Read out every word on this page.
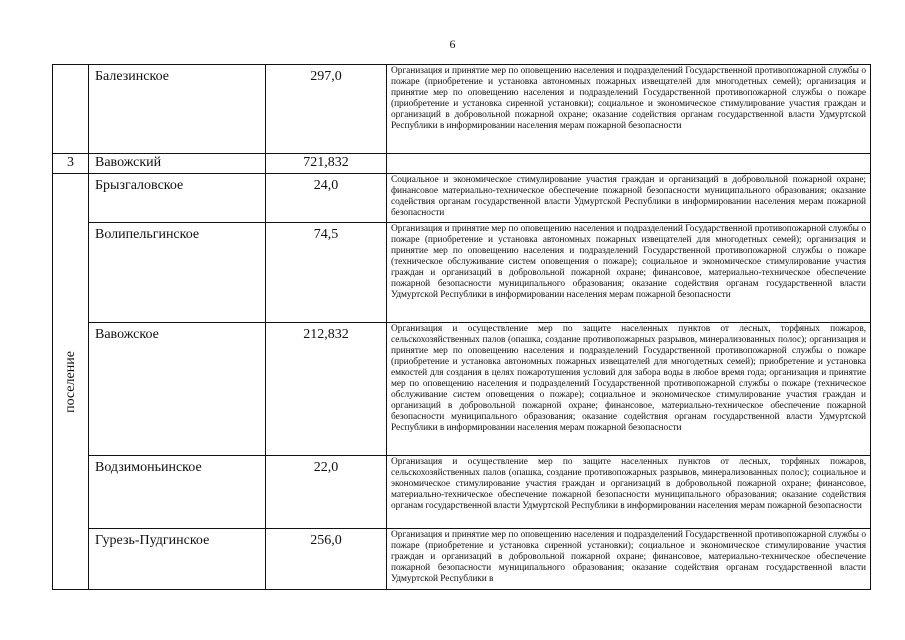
6
	Балезинское	297,0	Организация и принятие мер по оповещению населения и подразделений Государственной противопожарной службы о пожаре (приобретение и установка автономных пожарных извещателей для многодетных семей); организация и принятие мер по оповещению населения и подразделений Государственной противопожарной службы о пожаре (приобретение и установка сиренной установки); социальное и экономическое стимулирование участия граждан и организаций в добровольной пожарной охране; оказание содействия органам государственной власти Удмуртской Республики в информировании населения мерам пожарной безопасности
3	Вавожский	721,832	

поселение	Брызгаловское	24,0	Социальное и экономическое стимулирование участия граждан и организаций в добровольной пожарной охране; финансовое материально-техническое обеспечение пожарной безопасности муниципального образования; оказание содействия органам государственной власти Удмуртской Республики в информировании населения мерам пожарной безопасности
	Волипельгинское	74,5	Организация и принятие мер по оповещению населения и подразделений Государственной противопожарной службы о пожаре (приобретение и установка автономных пожарных извещателей для многодетных семей); организация и принятие мер по оповещению населения и подразделений Государственной противопожарной службы о пожаре (техническое обслуживание систем оповещения о пожаре); социальное и экономическое стимулирование участия граждан и организаций в добровольной пожарной охране; финансовое, материально-техническое обеспечение пожарной безопасности муниципального образования; оказание содействия органам государственной власти Удмуртской Республики в информировании населения мерам пожарной безопасности
	Вавожское	212,832	Организация и осуществление мер по защите населенных пунктов от лесных, торфяных пожаров, сельскохозяйственных палов (опашка, создание противопожарных разрывов, минерализованных полос); организация и принятие мер по оповещению населения и подразделений Государственной противопожарной службы о пожаре (приобретение и установка автономных пожарных извещателей для многодетных семей); приобретение и установка емкостей для создания в целях пожаротушения условий для забора воды в любое время года; организация и принятие мер по оповещению населения и подразделений Государственной противопожарной службы о пожаре (техническое обслуживание систем оповещения о пожаре); социальное и экономическое стимулирование участия граждан и организаций в добровольной пожарной охране; финансовое, материально-техническое обеспечение пожарной безопасности муниципального образования; оказание содействия органам государственной власти Удмуртской Республики в информировании населения мерам пожарной безопасности
	Водзимоньинское	22,0	Организация и осуществление мер по защите населенных пунктов от лесных, торфяных пожаров, сельскохозяйственных палов (опашка, создание противопожарных разрывов, минерализованных полос); социальное и экономическое стимулирование участия граждан и организаций в добровольной пожарной охране; финансовое, материально-техническое обеспечение пожарной безопасности муниципального образования; оказание содействия органам государственной власти Удмуртской Республики в информировании населения мерам пожарной безопасности
	Гурезь-Пудгинское	256,0	Организация и принятие мер по оповещению населения и подразделений Государственной противопожарной службы о пожаре (приобретение и установка сиренной установки); социальное и экономическое стимулирование участия граждан и организаций в добровольной пожарной охране; финансовое, материально-техническое обеспечение пожарной безопасности муниципального образования; оказание содействия органам государственной власти Удмуртской Республики в
